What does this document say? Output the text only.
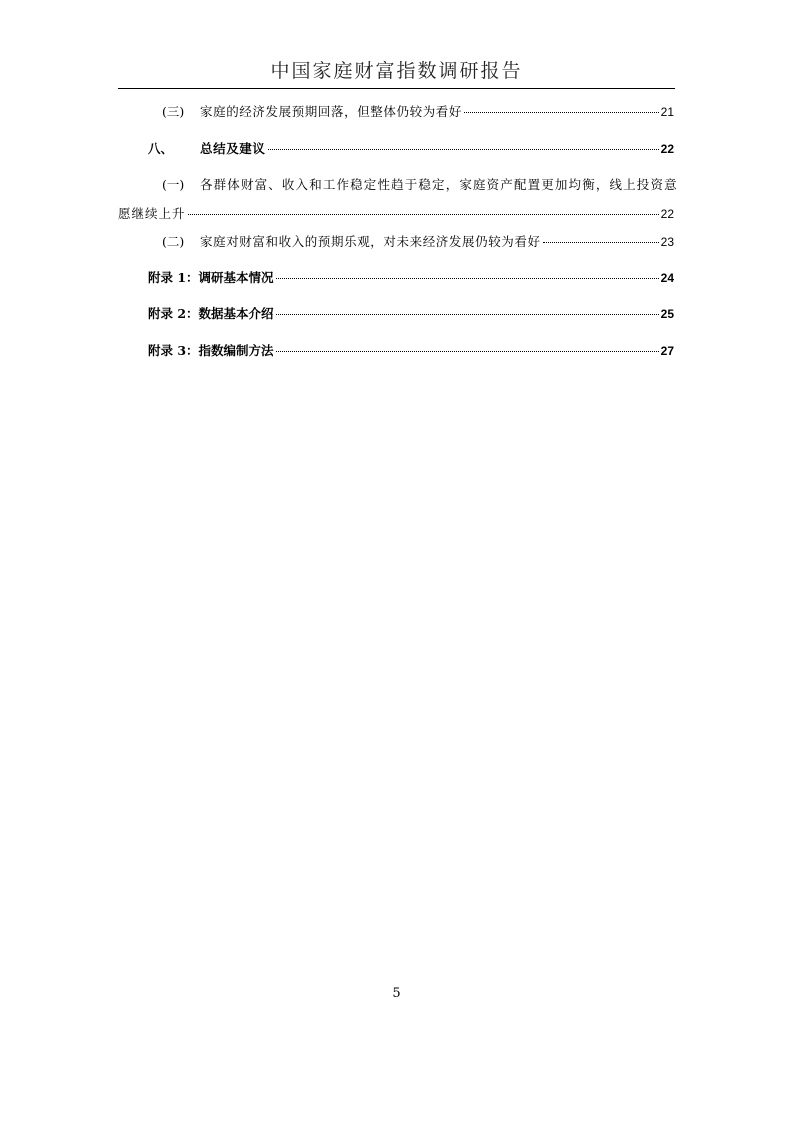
中国家庭财富指数调研报告
(三)	家庭的经济发展预期回落，但整体仍较为看好	21
八、	总结及建议	22
(一) 各群体财富、收入和工作稳定性趋于稳定，家庭资产配置更加均衡，线上投资意
愿继续上升	22
(二)	家庭对财富和收入的预期乐观，对未来经济发展仍较为看好	23
附录 1：调研基本情况	24
附录 2：数据基本介绍	25
附录 3：指数编制方法	27
5
